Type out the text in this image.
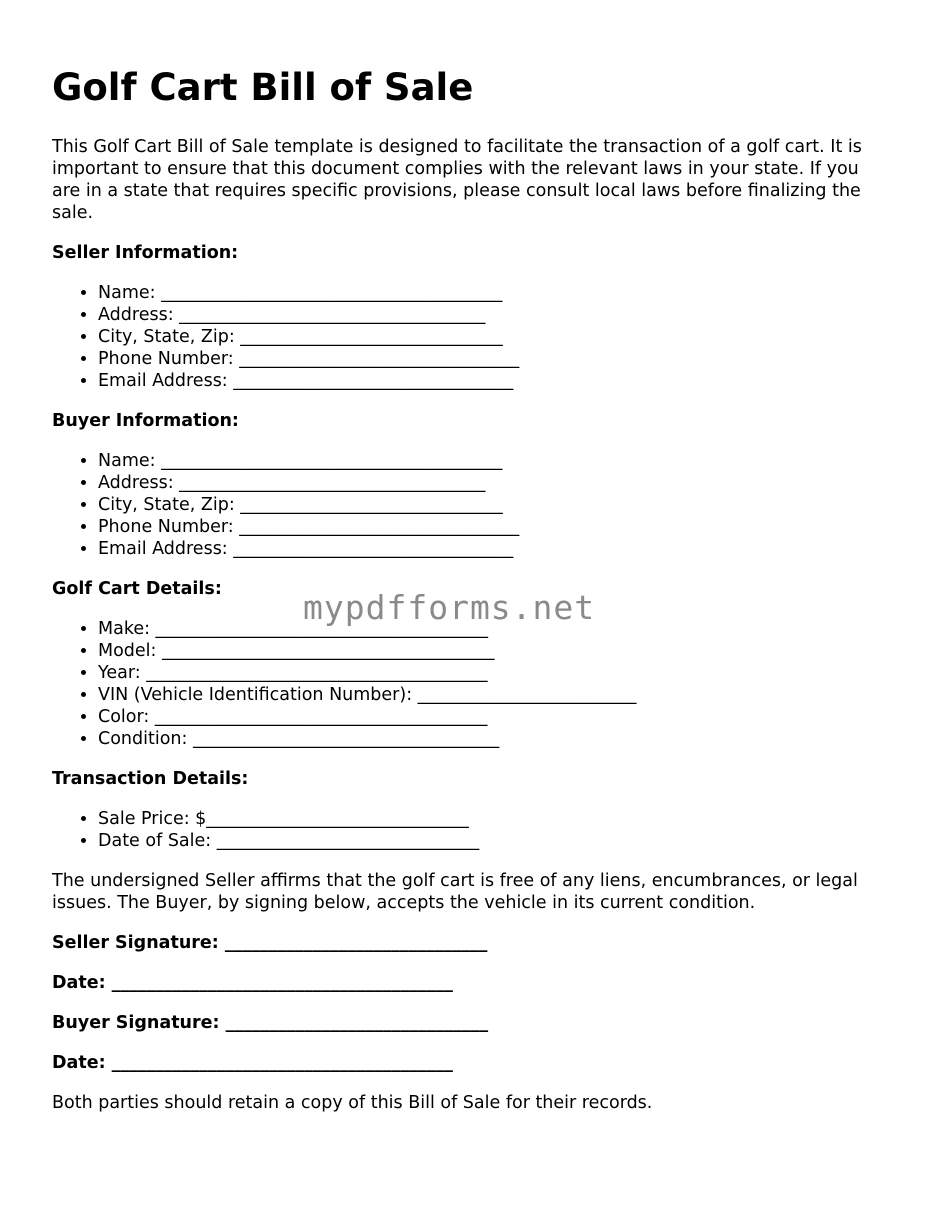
Golf Cart Bill of Sale

This Golf Cart Bill of Sale template is designed to facilitate the transaction of a golf cart. It is important to ensure that this document complies with the relevant laws in your state. If you are in a state that requires specific provisions, please consult local laws before finalizing the sale.

Seller Information:
• Name: _______________________________________
• Address: ___________________________________
• City, State, Zip: ______________________________
• Phone Number: ________________________________
• Email Address: ________________________________
Buyer Information:
• Name: _______________________________________
• Address: ___________________________________
• City, State, Zip: ______________________________
• Phone Number: ________________________________
• Email Address: ________________________________
Golf Cart Details:
• Make: ______________________________________
• Model: ______________________________________
• Year: _______________________________________
• VIN (Vehicle Identification Number): _________________________
• Color: ______________________________________
• Condition: ___________________________________
Transaction Details:
• Sale Price: $______________________________
• Date of Sale: ______________________________

The undersigned Seller affirms that the golf cart is free of any liens, encumbrances, or legal issues. The Buyer, by signing below, accepts the vehicle in its current condition.

Seller Signature: ______________________________
Date: _______________________________________
Buyer Signature: ______________________________
Date: _______________________________________

Both parties should retain a copy of this Bill of Sale for their records.

mypdfforms.net
